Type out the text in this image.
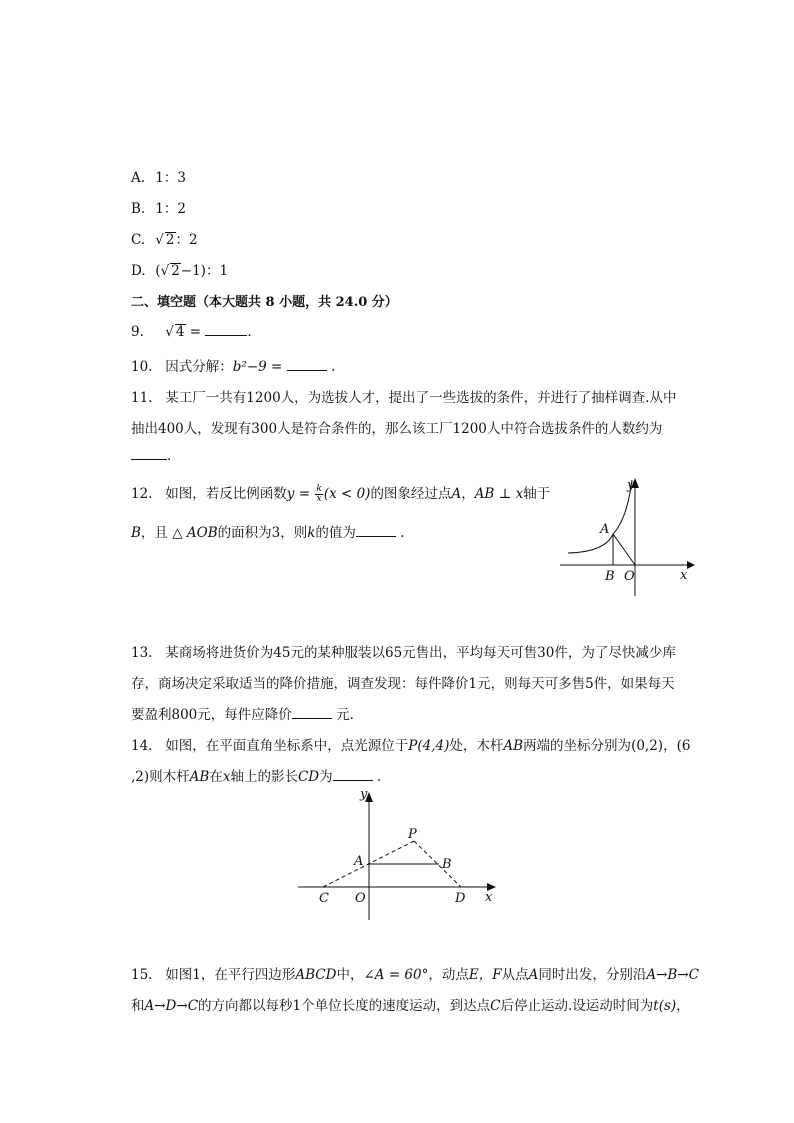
A. 1：3
B. 1：2
C. √ 2：2
D. (√ 2−1)：1
二、填空题（本大题共 8 小题，共 24.0 分）
9. √ 4 =	.
10. 因式分解：b²−9 =	.
11. 某工厂一共有1200人，为选拔人才，提出了一些选拔的条件，并进行了抽样调查.从中
抽出400人，发现有300人是符合条件的，那么该工厂1200人中符合选拔条件的人数约为
.
12. 如图，若反比例函数$y = \frac{k}{x} (x < 0)$的图象经过点A，AB ⊥ x轴于
B，且 △ AOB的面积为3，则k的值为	.
y
x
A
B O
13. 某商场将进货价为45元的某种服装以65元售出，平均每天可售30件，为了尽快减少库
存，商场决定采取适当的降价措施，调查发现：每件降价1元，则每天可多售5件，如果每天
要盈利800元，每件应降价	元.
14. 如图，在平面直角坐标系中，点光源位于P(4,4)处，木杆AB两端的坐标分别为(0,2)，(6
,2)则木杆AB在x轴上的影长CD为	.
y
x
P
A	B
C O	D
15. 如图1，在平行四边形ABCD中，∠A = 60°，动点E，F从点A同时出发，分别沿A→B→C
和A→D→C的方向都以每秒1个单位长度的速度运动，到达点C后停止运动.设运动时间为t(s)，
